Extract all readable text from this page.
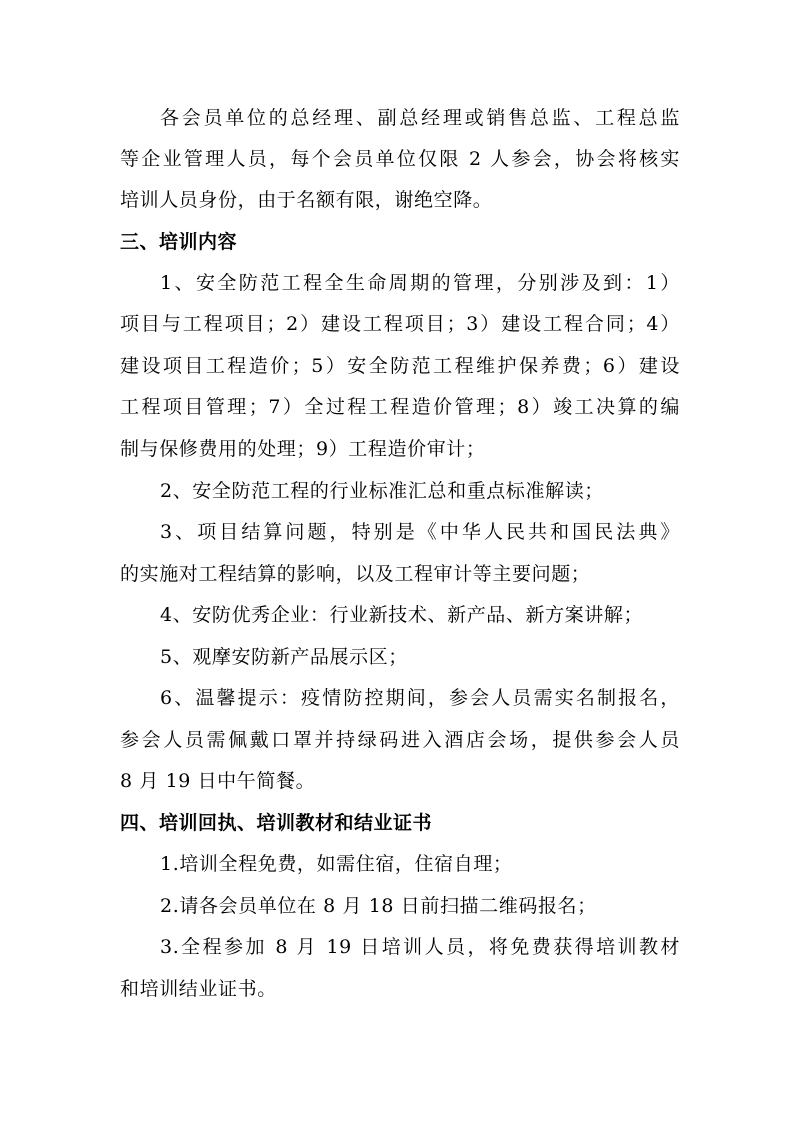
各会员单位的总经理、副总经理或销售总监、工程总监
等企业管理人员，每个会员单位仅限 2 人参会，协会将核实
培训人员身份，由于名额有限，谢绝空降。
三、培训内容
1、安全防范工程全生命周期的管理，分别涉及到：1）
项目与工程项目；2）建设工程项目；3）建设工程合同；4）
建设项目工程造价；5）安全防范工程维护保养费；6）建设
工程项目管理；7）全过程工程造价管理；8）竣工决算的编
制与保修费用的处理；9）工程造价审计；
2、安全防范工程的行业标准汇总和重点标准解读；
3、项目结算问题，特别是《中华人民共和国民法典》
的实施对工程结算的影响，以及工程审计等主要问题；
4、安防优秀企业：行业新技术、新产品、新方案讲解；
5、观摩安防新产品展示区；
6、温馨提示：疫情防控期间，参会人员需实名制报名，
参会人员需佩戴口罩并持绿码进入酒店会场，提供参会人员
8 月 19 日中午简餐。
四、培训回执、培训教材和结业证书
1.培训全程免费，如需住宿，住宿自理；
2.请各会员单位在 8 月 18 日前扫描二维码报名；
3.全程参加 8 月 19 日培训人员，将免费获得培训教材
和培训结业证书。
